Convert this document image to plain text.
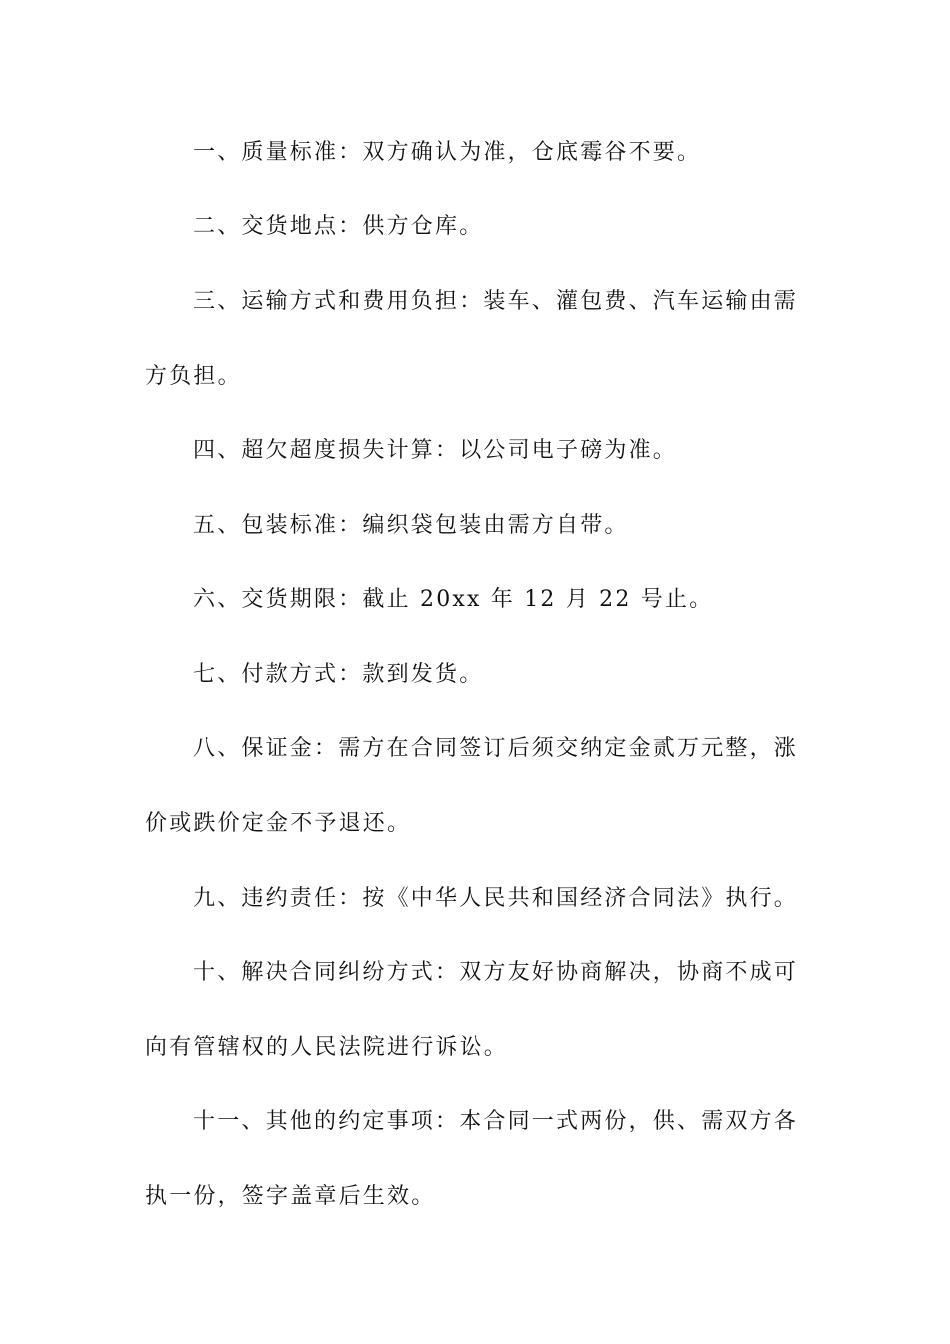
一、质量标准：双方确认为准，仓底霉谷不要。
二、交货地点：供方仓库。
三、运输方式和费用负担：装车、灌包费、汽车运输由需
方负担。
四、超欠超度损失计算：以公司电子磅为准。
五、包装标准：编织袋包装由需方自带。
六、交货期限：截止 20xx 年 12 月 22 号止。
七、付款方式：款到发货。
八、保证金：需方在合同签订后须交纳定金贰万元整，涨
价或跌价定金不予退还。
九、违约责任：按《中华人民共和国经济合同法》执行。
十、解决合同纠纷方式：双方友好协商解决，协商不成可
向有管辖权的人民法院进行诉讼。
十一、其他的约定事项：本合同一式两份，供、需双方各
执一份，签字盖章后生效。
